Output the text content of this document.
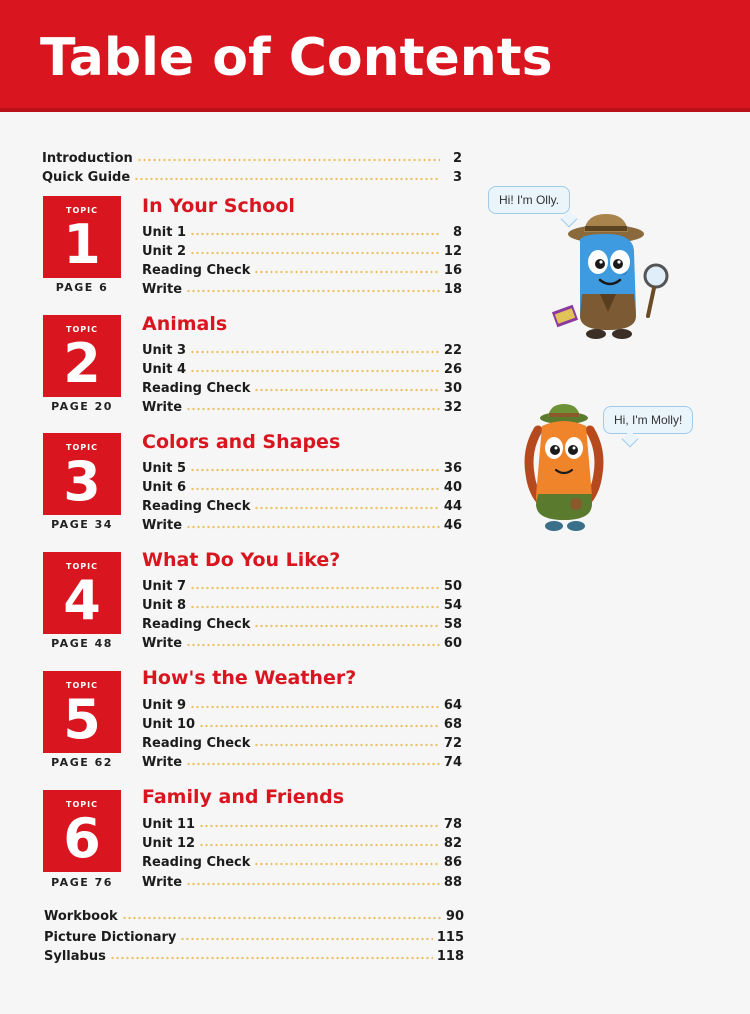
Table of Contents
Introduction	2
Quick Guide	3
TOPIC
1
PAGE 6
In Your School
Unit 1	8
Unit 2	12
Reading Check	16
Write	18
TOPIC
2
PAGE 20
Animals
Unit 3	22
Unit 4	26
Reading Check	30
Write	32
TOPIC
3
PAGE 34
Colors and Shapes
Unit 5	36
Unit 6	40
Reading Check	44
Write	46
TOPIC
4
PAGE 48
What Do You Like?
Unit 7	50
Unit 8	54
Reading Check	58
Write	60
TOPIC
5
PAGE 62
How's the Weather?
Unit 9	64
Unit 10	68
Reading Check	72
Write	74
TOPIC
6
PAGE 76
Family and Friends
Unit 11	78
Unit 12	82
Reading Check	86
Write	88
Workbook	90
Picture Dictionary	115
Syllabus	118
Hi! I'm Olly.
Hi, I'm Molly!
